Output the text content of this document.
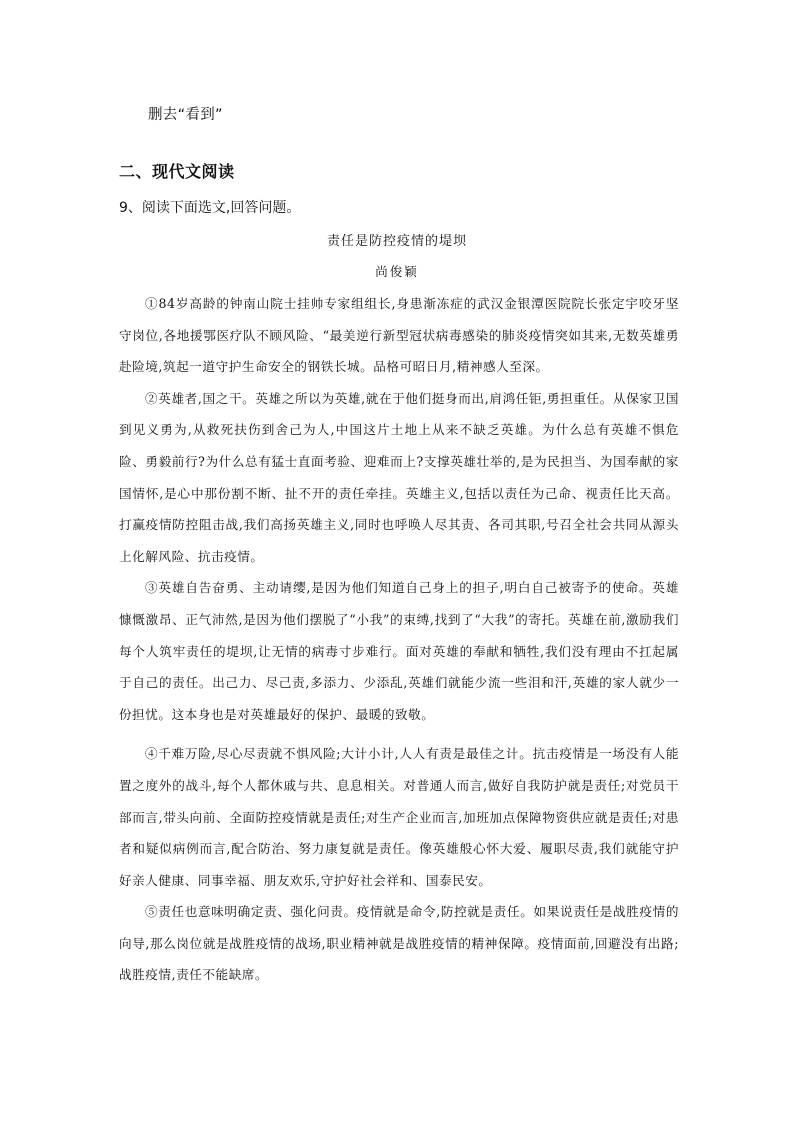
删去“看到”
二、现代文阅读
9、阅读下面选文,回答问题。
责任是防控疫情的堤坝
尚俊颖

①84岁高龄的钟南山院士挂帅专家组组长,身患渐冻症的武汉金银潭医院院长张定宇咬牙坚守岗位,各地援鄂医疗队不顾风险、“最美逆行新型冠状病毒感染的肺炎疫情突如其来,无数英雄勇赴险境,筑起一道守护生命安全的钢铁长城。品格可昭日月,精神感人至深。

②英雄者,国之干。英雄之所以为英雄,就在于他们挺身而出,肩鸿任钜,勇担重任。从保家卫国到见义勇为,从救死扶伤到舍己为人,中国这片土地上从来不缺乏英雄。为什么总有英雄不惧危险、勇毅前行?为什么总有猛士直面考验、迎难而上?支撑英雄壮举的,是为民担当、为国奉献的家国情怀,是心中那份割不断、扯不开的责任牵挂。英雄主义,包括以责任为己命、视责任比天高。打赢疫情防控阻击战,我们高扬英雄主义,同时也呼唤人尽其责、各司其职,号召全社会共同从源头上化解风险、抗击疫情。

③英雄自告奋勇、主动请缨,是因为他们知道自己身上的担子,明白自己被寄予的使命。英雄慷慨激昂、正气沛然,是因为他们摆脱了“小我”的束缚,找到了“大我”的寄托。英雄在前,激励我们每个人筑牢责任的堤坝,让无情的病毒寸步难行。面对英雄的奉献和牺牲,我们没有理由不扛起属于自己的责任。出己力、尽己责,多添力、少添乱,英雄们就能少流一些泪和汗,英雄的家人就少一份担忧。这本身也是对英雄最好的保护、最暖的致敬。

④千难万险,尽心尽责就不惧风险;大计小计,人人有责是最佳之计。抗击疫情是一场没有人能置之度外的战斗,每个人都休戚与共、息息相关。对普通人而言,做好自我防护就是责任;对党员干部而言,带头向前、全面防控疫情就是责任;对生产企业而言,加班加点保障物资供应就是责任;对患者和疑似病例而言,配合防治、努力康复就是责任。像英雄般心怀大爱、履职尽责,我们就能守护好亲人健康、同事幸福、朋友欢乐,守护好社会祥和、国泰民安。

⑤责任也意味明确定责、强化问责。疫情就是命令,防控就是责任。如果说责任是战胜疫情的向导,那么岗位就是战胜疫情的战场,职业精神就是战胜疫情的精神保障。疫情面前,回避没有出路;战胜疫情,责任不能缺席。
